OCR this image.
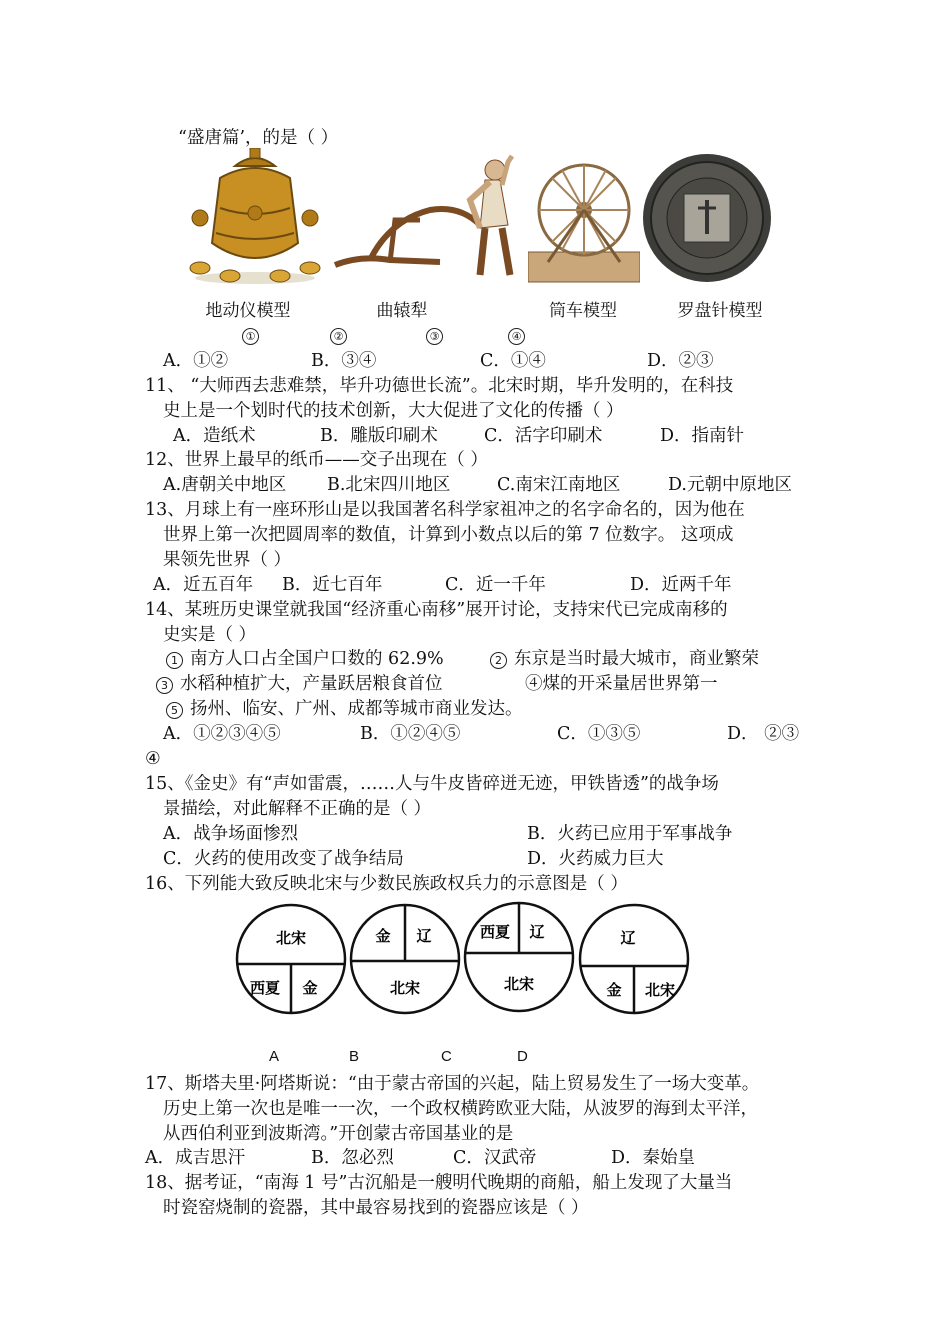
“盛唐篇’，的是（ ）
地动仪模型	曲辕犁	筒车模型	罗盘针模型
①	②	③	④
A．①②	B．③④	C．①④	D．②③
11、 “大师西去悲难禁，毕升功德世长流”。北宋时期，毕升发明的，在科技
史上是一个划时代的技术创新，大大促进了文化的传播（ ）
A．造纸术	B．雕版印刷术	C．活字印刷术	D．指南针
12、世界上最早的纸币——交子出现在（ ）
A.唐朝关中地区 B.北宋四川地区	C.南宋江南地区	D.元朝中原地区
13、月球上有一座环形山是以我国著名科学家祖冲之的名字命名的，因为他在
世界上第一次把圆周率的数值，计算到小数点以后的第 7 位数字。 这项成
果领先世界（ ）
A．近五百年 B．近七百年	C．近一千年	D．近两千年
14、某班历史课堂就我国“经济重心南移”展开讨论，支持宋代已完成南移的
史实是（ ）
1 南方人口占全国户口数的 62.9%	2 东京是当时最大城市，商业繁荣
3 水稻种植扩大，产量跃居粮食首位	④煤的开采量居世界第一
5 扬州、临安、广州、成都等城市商业发达。
A．①②③④⑤	B．①②④⑤	C．①③⑤	D． ②③
④
15、《金史》有“声如雷震，……人与牛皮皆碎迸无迹，甲铁皆透”的战争场
景描绘，对此解释不正确的是（ ）
A．战争场面惨烈	B．火药已应用于军事战争
C．火药的使用改变了战争结局	D．火药威力巨大
16、下列能大致反映北宋与少数民族政权兵力的示意图是（ ）
北宋
西夏 金
金 辽
北宋
西夏 辽
北宋
辽
金 北宋
A	B	C	D
17、斯塔夫里·阿塔斯说：“由于蒙古帝国的兴起，陆上贸易发生了一场大变革。
历史上第一次也是唯一一次，一个政权横跨欧亚大陆，从波罗的海到太平洋，
从西伯利亚到波斯湾。”开创蒙古帝国基业的是
A．成吉思汗	B．忽必烈	C．汉武帝	D．秦始皇
18、据考证，“南海 1 号”古沉船是一艘明代晚期的商船，船上发现了大量当
时瓷窑烧制的瓷器，其中最容易找到的瓷器应该是（ ）
